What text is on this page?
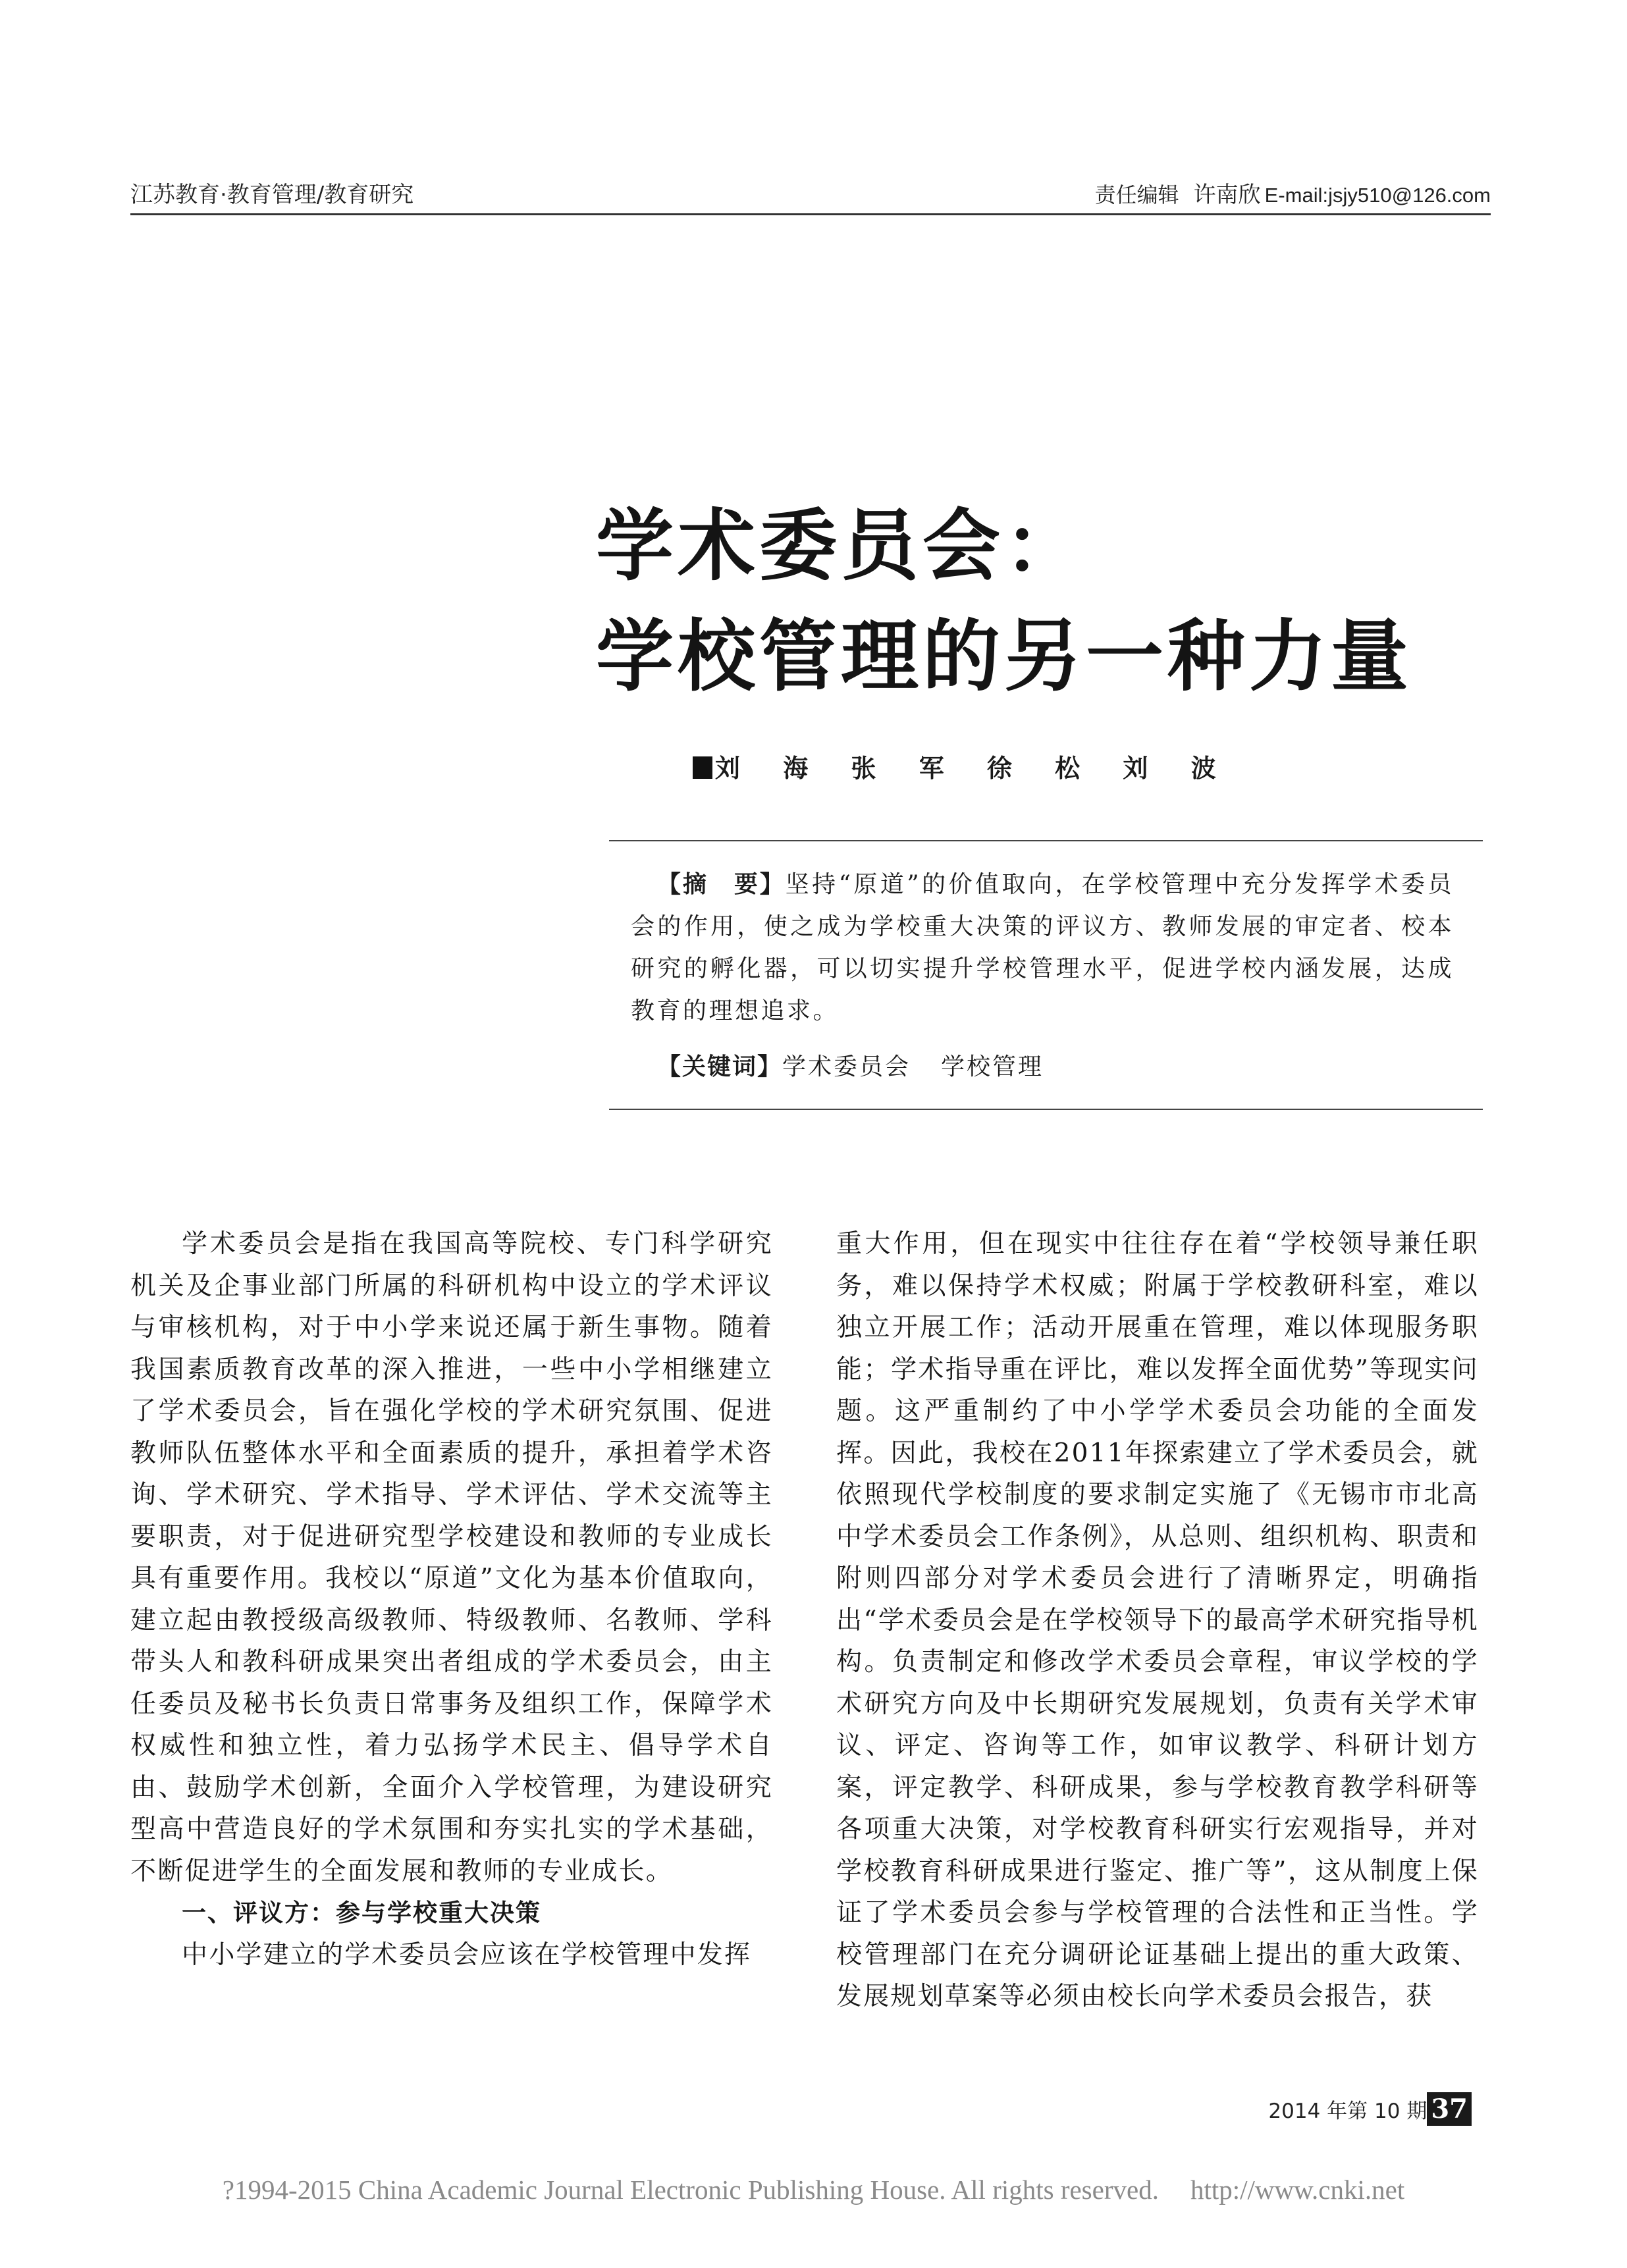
江苏教育·教育管理/教育研究	责任编辑 许南欣 E-mail:jsjy510@126.com
学术委员会：
学校管理的另一种力量
刘 海 张 军 徐 松 刘 波

【摘　要】坚持“原道”的价值取向，在学校管理中充分发挥学术委员会的作用，使之成为学校重大决策的评议方、教师发展的审定者、校本研究的孵化器，可以切实提升学校管理水平，促进学校内涵发展，达成教育的理想追求。

【关键词】学术委员会 学校管理

学术委员会是指在我国高等院校、专门科学研究机关及企事业部门所属的科研机构中设立的学术评议与审核机构，对于中小学来说还属于新生事物。随着我国素质教育改革的深入推进，一些中小学相继建立了学术委员会，旨在强化学校的学术研究氛围、促进教师队伍整体水平和全面素质的提升，承担着学术咨询、学术研究、学术指导、学术评估、学术交流等主要职责，对于促进研究型学校建设和教师的专业成长具有重要作用。我校以“原道”文化为基本价值取向，建立起由教授级高级教师、特级教师、名教师、学科带头人和教科研成果突出者组成的学术委员会，由主任委员及秘书长负责日常事务及组织工作，保障学术权威性和独立性，着力弘扬学术民主、倡导学术自由、鼓励学术创新，全面介入学校管理，为建设研究型高中营造良好的学术氛围和夯实扎实的学术基础，不断促进学生的全面发展和教师的专业成长。

一、评议方：参与学校重大决策

中小学建立的学术委员会应该在学校管理中发挥

重大作用，但在现实中往往存在着“学校领导兼任职务，难以保持学术权威；附属于学校教研科室，难以独立开展工作；活动开展重在管理，难以体现服务职能；学术指导重在评比，难以发挥全面优势”等现实问题。这严重制约了中小学学术委员会功能的全面发挥。因此，我校在2011年探索建立了学术委员会，就依照现代学校制度的要求制定实施了《无锡市市北高中学术委员会工作条例》，从总则、组织机构、职责和附则四部分对学术委员会进行了清晰界定，明确指出“学术委员会是在学校领导下的最高学术研究指导机构。负责制定和修改学术委员会章程，审议学校的学术研究方向及中长期研究发展规划，负责有关学术审议、评定、咨询等工作，如审议教学、科研计划方案，评定教学、科研成果，参与学校教育教学科研等各项重大决策，对学校教育科研实行宏观指导，并对学校教育科研成果进行鉴定、推广等”，这从制度上保证了学术委员会参与学校管理的合法性和正当性。学校管理部门在充分调研论证基础上提出的重大政策、发展规划草案等必须由校长向学术委员会报告，获

2014 年第 10 期 37
?1994-2015 China Academic Journal Electronic Publishing House. All rights reserved. http://www.cnki.net
